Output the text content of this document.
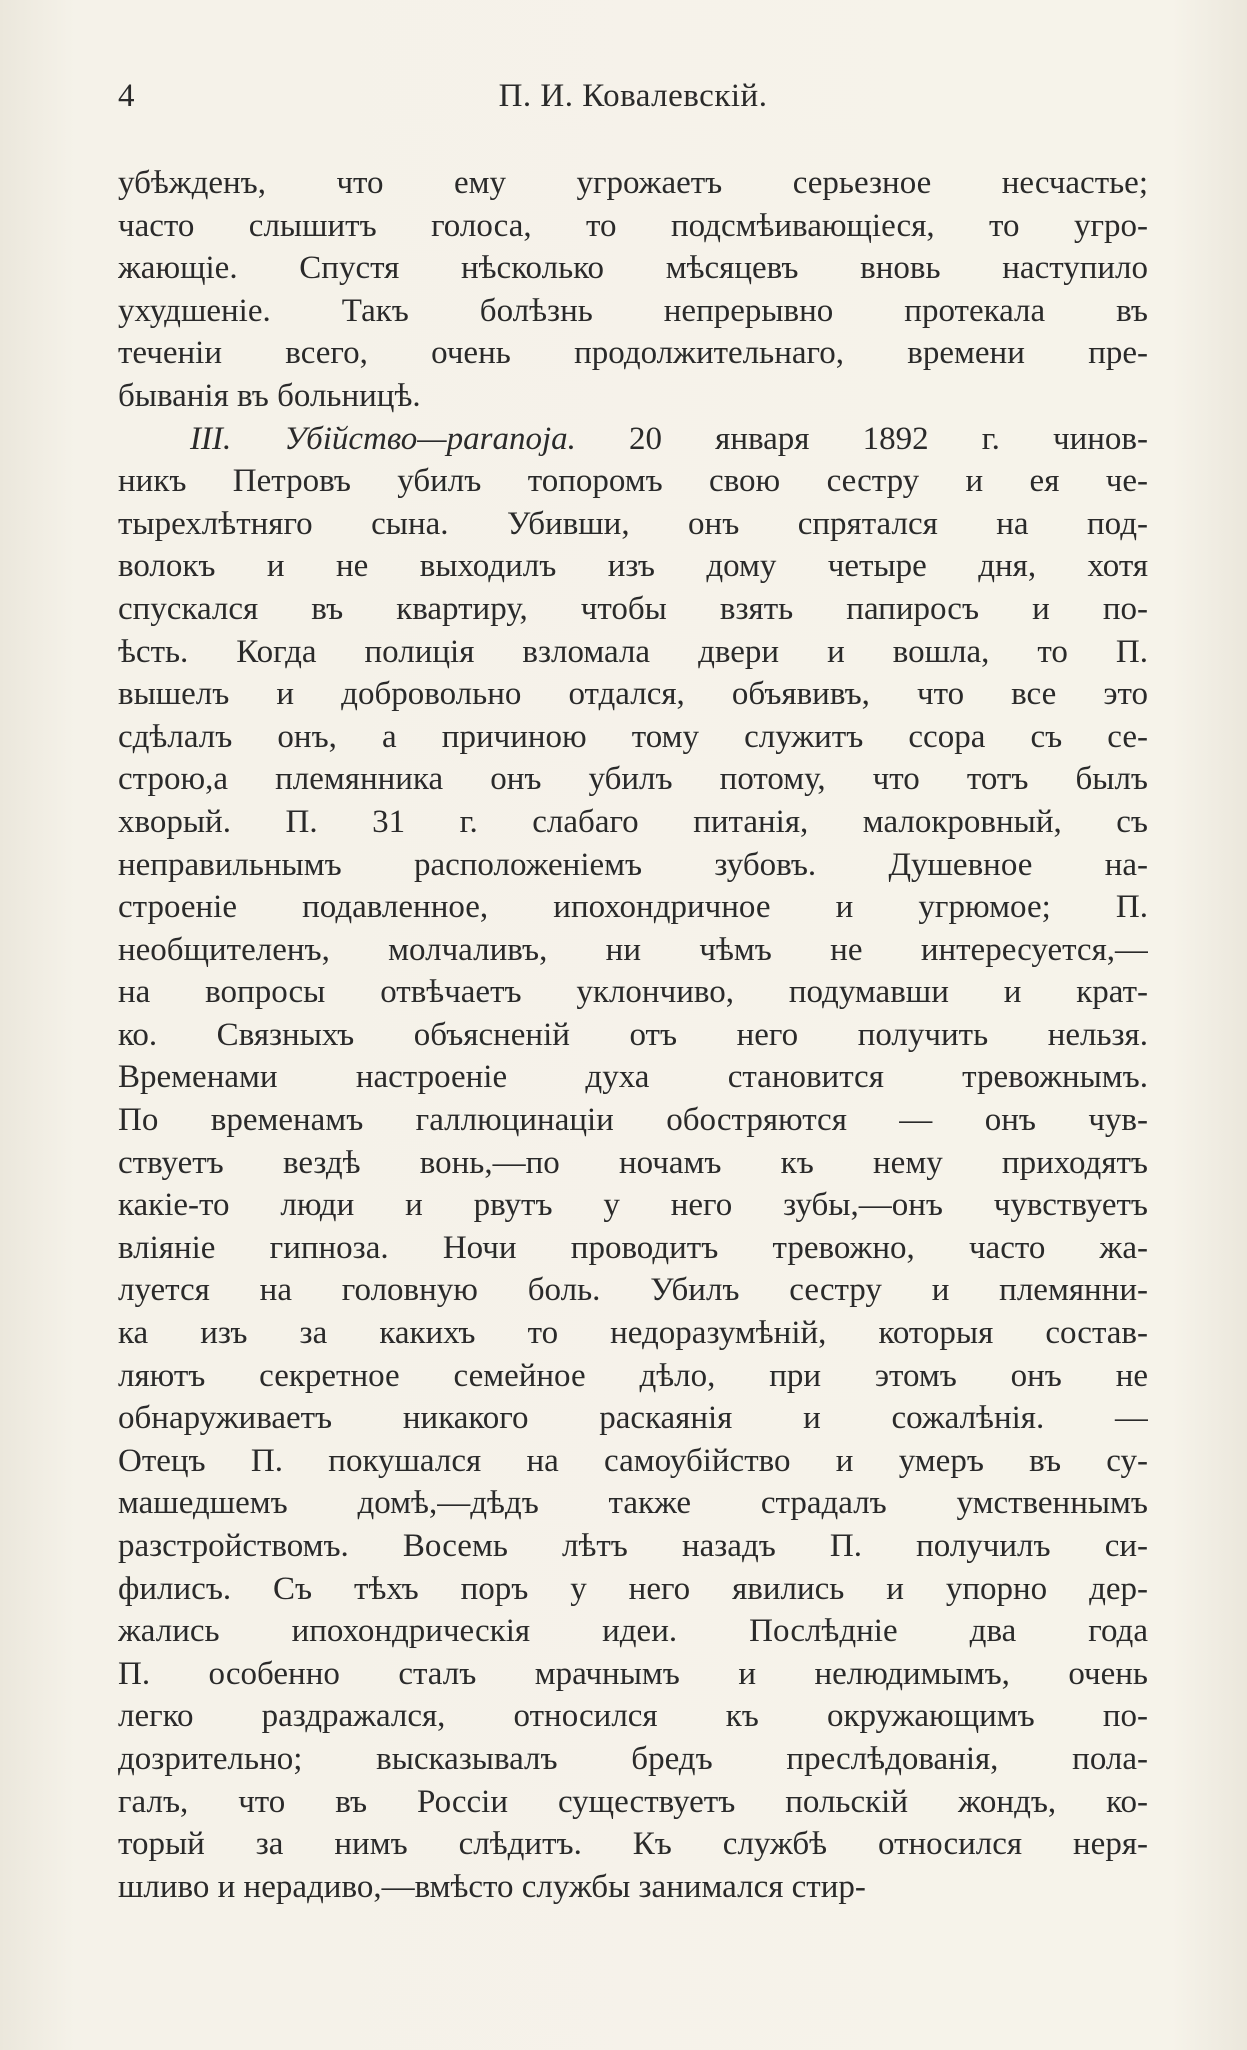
4	П. И. Ковалевскій.
убѣжденъ, что ему угрожаетъ серьезное несчастье;
часто слышитъ голоса, то подсмѣивающіеся, то угро-
жающіе. Спустя нѣсколько мѣсяцевъ вновь наступило
ухудшеніе. Такъ болѣзнь непрерывно протекала въ
теченіи всего, очень продолжительнаго, времени пре-
быванія въ больницѣ.
III. Убійство—paranoja. 20 января 1892 г. чинов-
никъ Петровъ убилъ топоромъ свою сестру и ея че-
тырехлѣтняго сына. Убивши, онъ спрятался на под-
волокъ и не выходилъ изъ дому четыре дня, хотя
спускался въ квартиру, чтобы взять папиросъ и по-
ѣсть. Когда полиція взломала двери и вошла, то П.
вышелъ и добровольно отдался, объявивъ, что все это
сдѣлалъ онъ, а причиною тому служитъ ссора съ се-
строю,а племянника онъ убилъ потому, что тотъ былъ
хворый. П. 31 г. слабаго питанія, малокровный, съ
неправильнымъ расположеніемъ зубовъ. Душевное на-
строеніе подавленное, ипохондричное и угрюмое; П.
необщителенъ, молчаливъ, ни чѣмъ не интересуется,—
на вопросы отвѣчаетъ уклончиво, подумавши и крат-
ко. Связныхъ объясненій отъ него получить нельзя.
Временами настроеніе духа становится тревожнымъ.
По временамъ галлюцинаціи обостряются — онъ чув-
ствуетъ вездѣ вонь,—по ночамъ къ нему приходятъ
какіе-то люди и рвутъ у него зубы,—онъ чувствуетъ
вліяніе гипноза. Ночи проводитъ тревожно, часто жа-
луется на головную боль. Убилъ сестру и племянни-
ка изъ за какихъ то недоразумѣній, которыя состав-
ляютъ секретное семейное дѣло, при этомъ онъ не
обнаруживаетъ никакого раскаянія и сожалѣнія. —
Отецъ П. покушался на самоубійство и умеръ въ су-
машедшемъ домѣ,—дѣдъ также страдалъ умственнымъ
разстройствомъ. Восемь лѣтъ назадъ П. получилъ си-
филисъ. Съ тѣхъ поръ у него явились и упорно дер-
жались ипохондрическія идеи. Послѣдніе два года
П. особенно сталъ мрачнымъ и нелюдимымъ, очень
легко раздражался, относился къ окружающимъ по-
дозрительно; высказывалъ бредъ преслѣдованія, пола-
галъ, что въ Россіи существуетъ польскій жондъ, ко-
торый за нимъ слѣдитъ. Къ службѣ относился неря-
шливо и нерадиво,—вмѣсто службы занимался стир-
